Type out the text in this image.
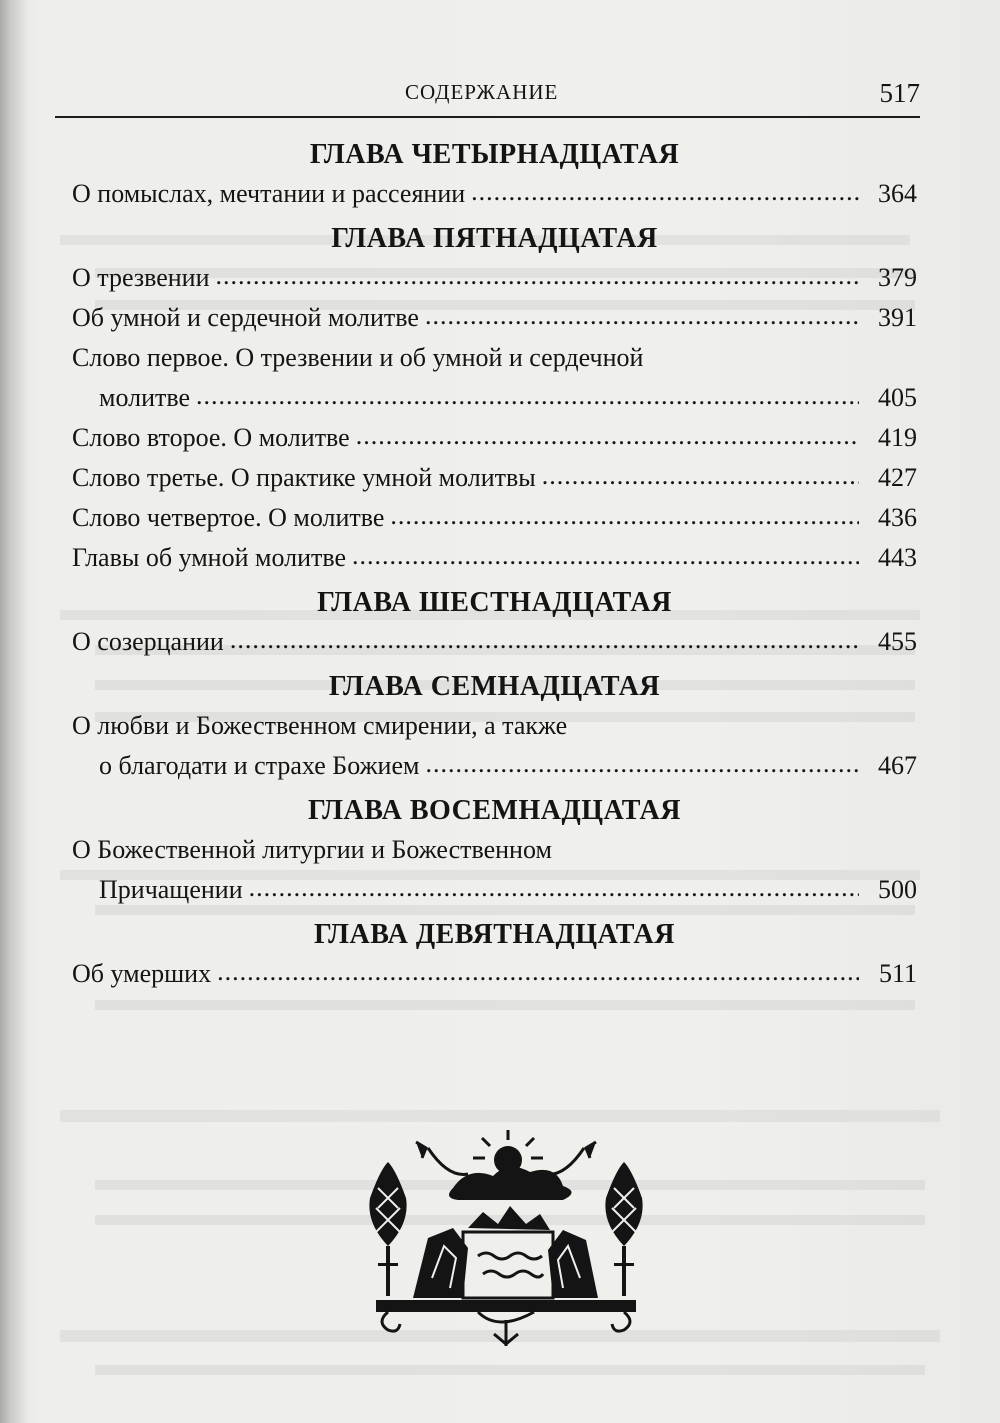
СОДЕРЖАНИЕ	517
ГЛАВА ЧЕТЫРНАДЦАТАЯ
О помыслах, мечтании и рассеянии .....	364
ГЛАВА ПЯТНАДЦАТАЯ
О трезвении .....	379
Об умной и сердечной молитве .....	391
Слово первое. О трезвении и об умной и сердечной
молитве .....	405
Слово второе. О молитве .....	419
Слово третье. О практике умной молитвы .....	427
Слово четвертое. О молитве .....	436
Главы об умной молитве .....	443
ГЛАВА ШЕСТНАДЦАТАЯ
О созерцании .....	455
ГЛАВА СЕМНАДЦАТАЯ
О любви и Божественном смирении, а также
о благодати и страхе Божием .....	467
ГЛАВА ВОСЕМНАДЦАТАЯ
О Божественной литургии и Божественном
Причащении .....	500
ГЛАВА ДЕВЯТНАДЦАТАЯ
Об умерших .....	511
